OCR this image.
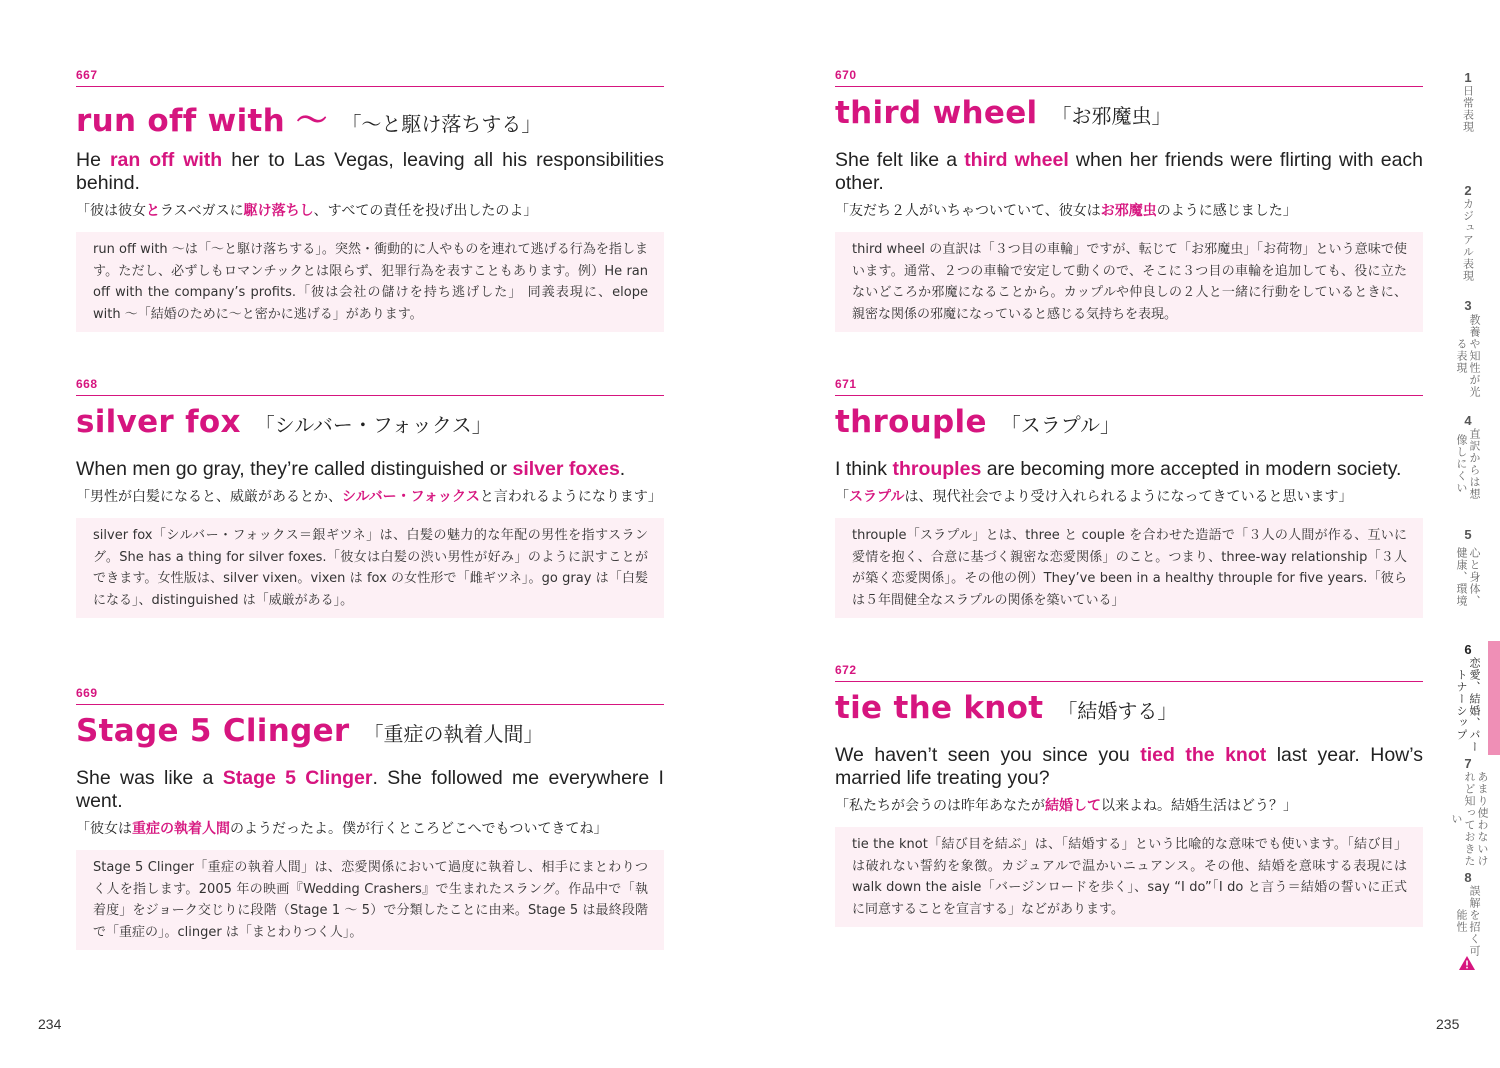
667
run off with ～ 「～と駆け落ちする」
He ran off with her to Las Vegas, leaving all his responsibilities behind.
「彼は彼女とラスベガスに駆け落ちし、すべての責任を投げ出したのよ」
run off with ～は「～と駆け落ちする」。突然・衝動的に人やものを連れて逃げる行為を指します。ただし、必ずしもロマンチックとは限らず、犯罪行為を表すこともあります。例）He ran off with the company’s profits.「彼は会社の儲けを持ち逃げした」 同義表現に、elope with ～「結婚のために～と密かに逃げる」があります。
668
silver fox 「シルバー・フォックス」
When men go gray, they’re called distinguished or silver foxes.
「男性が白髪になると、威厳があるとか、シルバー・フォックスと言われるようになります」
silver fox「シルバー・フォックス＝銀ギツネ」は、白髪の魅力的な年配の男性を指すスラング。She has a thing for silver foxes.「彼女は白髪の渋い男性が好み」のように訳すことができます。女性版は、silver vixen。vixen は fox の女性形で「雌ギツネ」。go gray は「白髪になる」、distinguished は「威厳がある」。
669
Stage 5 Clinger 「重症の執着人間」
She was like a Stage 5 Clinger. She followed me everywhere I went.
「彼女は重症の執着人間のようだったよ。僕が行くところどこへでもついてきてね」
Stage 5 Clinger「重症の執着人間」は、恋愛関係において過度に執着し、相手にまとわりつく人を指します。2005 年の映画『Wedding Crashers』で生まれたスラング。作品中で「執着度」をジョーク交じりに段階（Stage 1 ～ 5）で分類したことに由来。Stage 5 は最終段階で「重症の」。clinger は「まとわりつく人」。
670
third wheel 「お邪魔虫」
She felt like a third wheel when her friends were flirting with each other.
「友だち２人がいちゃついていて、彼女はお邪魔虫のように感じました」
third wheel の直訳は「３つ目の車輪」ですが、転じて「お邪魔虫」「お荷物」という意味で使います。通常、２つの車輪で安定して動くので、そこに３つ目の車輪を追加しても、役に立たないどころか邪魔になることから。カップルや仲良しの２人と一緒に行動をしているときに、親密な関係の邪魔になっていると感じる気持ちを表現。
671
throuple 「スラプル」
I think throuples are becoming more accepted in modern society.
「スラプルは、現代社会でより受け入れられるようになってきていると思います」
throuple「スラプル」とは、three と couple を合わせた造語で「３人の人間が作る、互いに愛情を抱く、合意に基づく親密な恋愛関係」のこと。つまり、three-way relationship「３人が築く恋愛関係」。その他の例）They’ve been in a healthy throuple for five years.「彼らは５年間健全なスラプルの関係を築いている」
672
tie the knot 「結婚する」
We haven’t seen you since you tied the knot last year. How’s married life treating you?
「私たちが会うのは昨年あなたが結婚して以来よね。結婚生活はどう？」
tie the knot「結び目を結ぶ」は、「結婚する」という比喩的な意味でも使います。「結び目」は破れない誓約を象徴。カジュアルで温かいニュアンス。その他、結婚を意味する表現には walk down the aisle「バージンロードを歩く」、say “I do”「I do と言う＝結婚の誓いに正式に同意することを宣言する」などがあります。
234	235
1
日常表現
2
カジュアル表現
3
教養や知性が光る表現
4
直訳からは想像しにくい
5
心と身体、健康、環境
6
恋愛、結婚、パートナーシップ
7
あまり使わないけれど知っておきたい
8
誤解を招く可能性
